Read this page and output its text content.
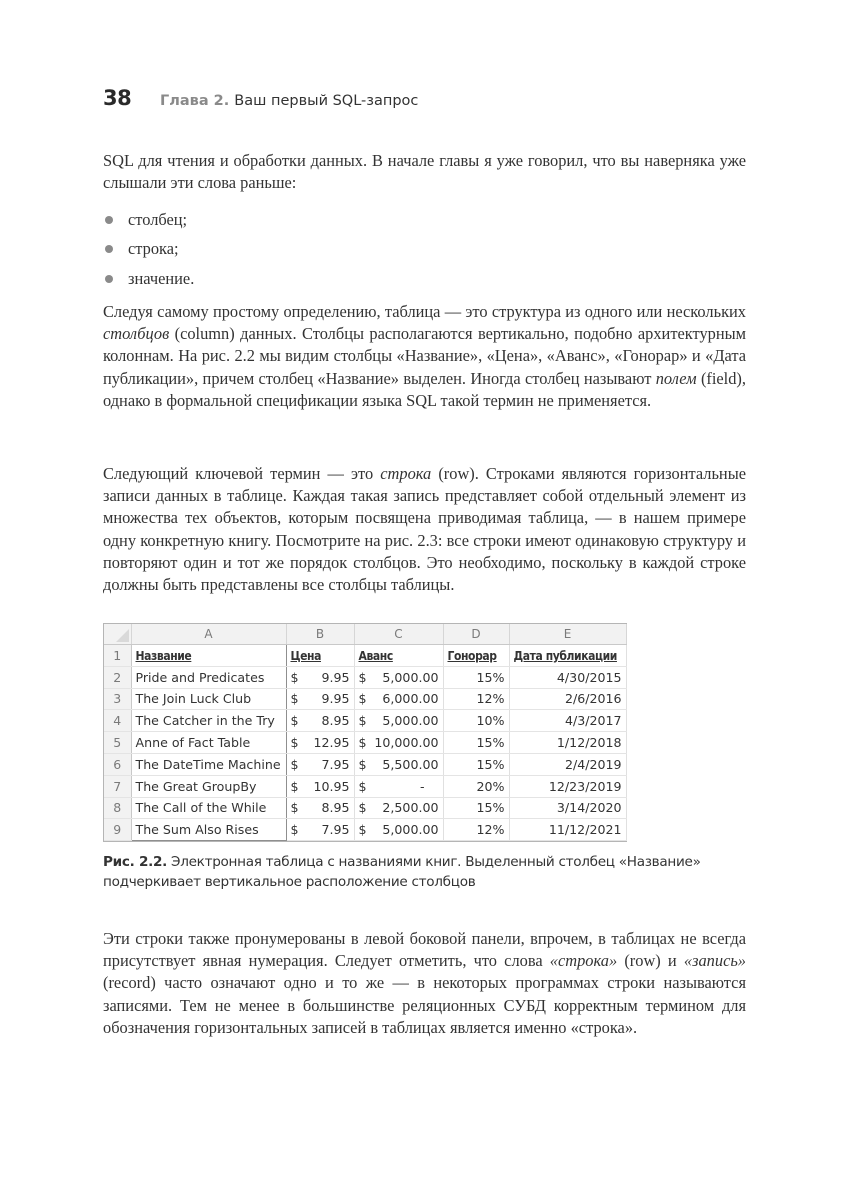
38	Глава 2. Ваш первый SQL-запрос

SQL для чтения и обработки данных. В начале главы я уже говорил, что вы наверняка уже слышали эти слова раньше:

столбец;
строка;
значение.

Следуя самому простому определению, таблица — это структура из одного или нескольких столбцов (column) данных. Столбцы располагаются вертикально, подобно архитектурным колоннам. На рис. 2.2 мы видим столбцы «Название», «Цена», «Аванс», «Гонорар» и «Дата публикации», причем столбец «Название» выделен. Иногда столбец называют полем (field), однако в формальной спецификации языка SQL такой термин не применяется.

Следующий ключевой термин — это строка (row). Строками являются горизонтальные записи данных в таблице. Каждая такая запись представляет собой отдельный элемент из множества тех объектов, которым посвящена приводимая таблица, — в нашем примере одну конкретную книгу. Посмотрите на рис. 2.3: все строки имеют одинаковую структуру и повторяют один и тот же порядок столбцов. Это необходимо, поскольку в каждой строке должны быть представлены все столбцы таблицы.

	A	B	C	D	E
1	Название	Цена	Аванс	Гонорар	Дата публикации
2	Pride and Predicates	$ 9.95	$ 5,000.00	15%	4/30/2015
3	The Join Luck Club	$ 9.95	$ 6,000.00	12%	2/6/2016
4	The Catcher in the Try	$ 8.95	$ 5,000.00	10%	4/3/2017
5	Anne of Fact Table	$ 12.95	$ 10,000.00	15%	1/12/2018
6	The DateTime Machine	$ 7.95	$ 5,500.00	15%	2/4/2019
7	The Great GroupBy	$ 10.95	$ -	20%	12/23/2019
8	The Call of the While	$ 8.95	$ 2,500.00	15%	3/14/2020
9	The Sum Also Rises	$ 7.95	$ 5,000.00	12%	11/12/2021
Рис. 2.2. Электронная таблица с названиями книг. Выделенный столбец «Название» подчеркивает вертикальное расположение столбцов

Эти строки также пронумерованы в левой боковой панели, впрочем, в таблицах не всегда присутствует явная нумерация. Следует отметить, что слова «строка» (row) и «запись» (record) часто означают одно и то же — в некоторых программах строки называются записями. Тем не менее в большинстве реляционных СУБД корректным термином для обозначения горизонтальных записей в таблицах является именно «строка».
